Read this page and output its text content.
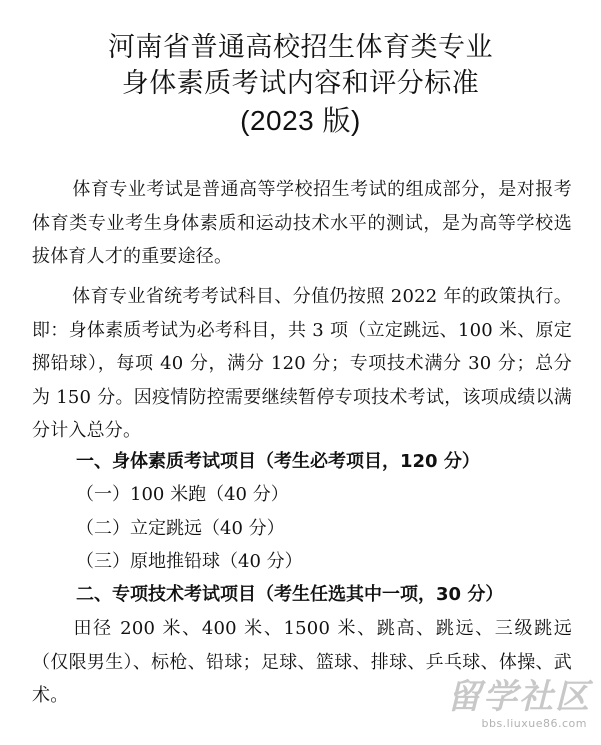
河南省普通高校招生体育类专业
身体素质考试内容和评分标准
(2023 版)

体育专业考试是普通高等学校招生考试的组成部分，是对报考体育类专业考生身体素质和运动技术水平的测试，是为高等学校选拔体育人才的重要途径。

体育专业省统考考试科目、分值仍按照 2022 年的政策执行。即：身体素质考试为必考科目，共 3 项（立定跳远、100 米、原定掷铅球），每项 40 分，满分 120 分；专项技术满分 30 分；总分为 150 分。因疫情防控需要继续暂停专项技术考试，该项成绩以满分计入总分。

一、身体素质考试项目（考生必考项目，120 分）
（一）100 米跑（40 分）
（二）立定跳远（40 分）
（三）原地推铅球（40 分）
二、专项技术考试项目（考生任选其中一项，30 分）

田径 200 米、400 米、1500 米、跳高、跳远、三级跳远（仅限男生）、标枪、铅球；足球、篮球、排球、乒乓球、体操、武术。	留学社区
bbs.liuxue86.com
